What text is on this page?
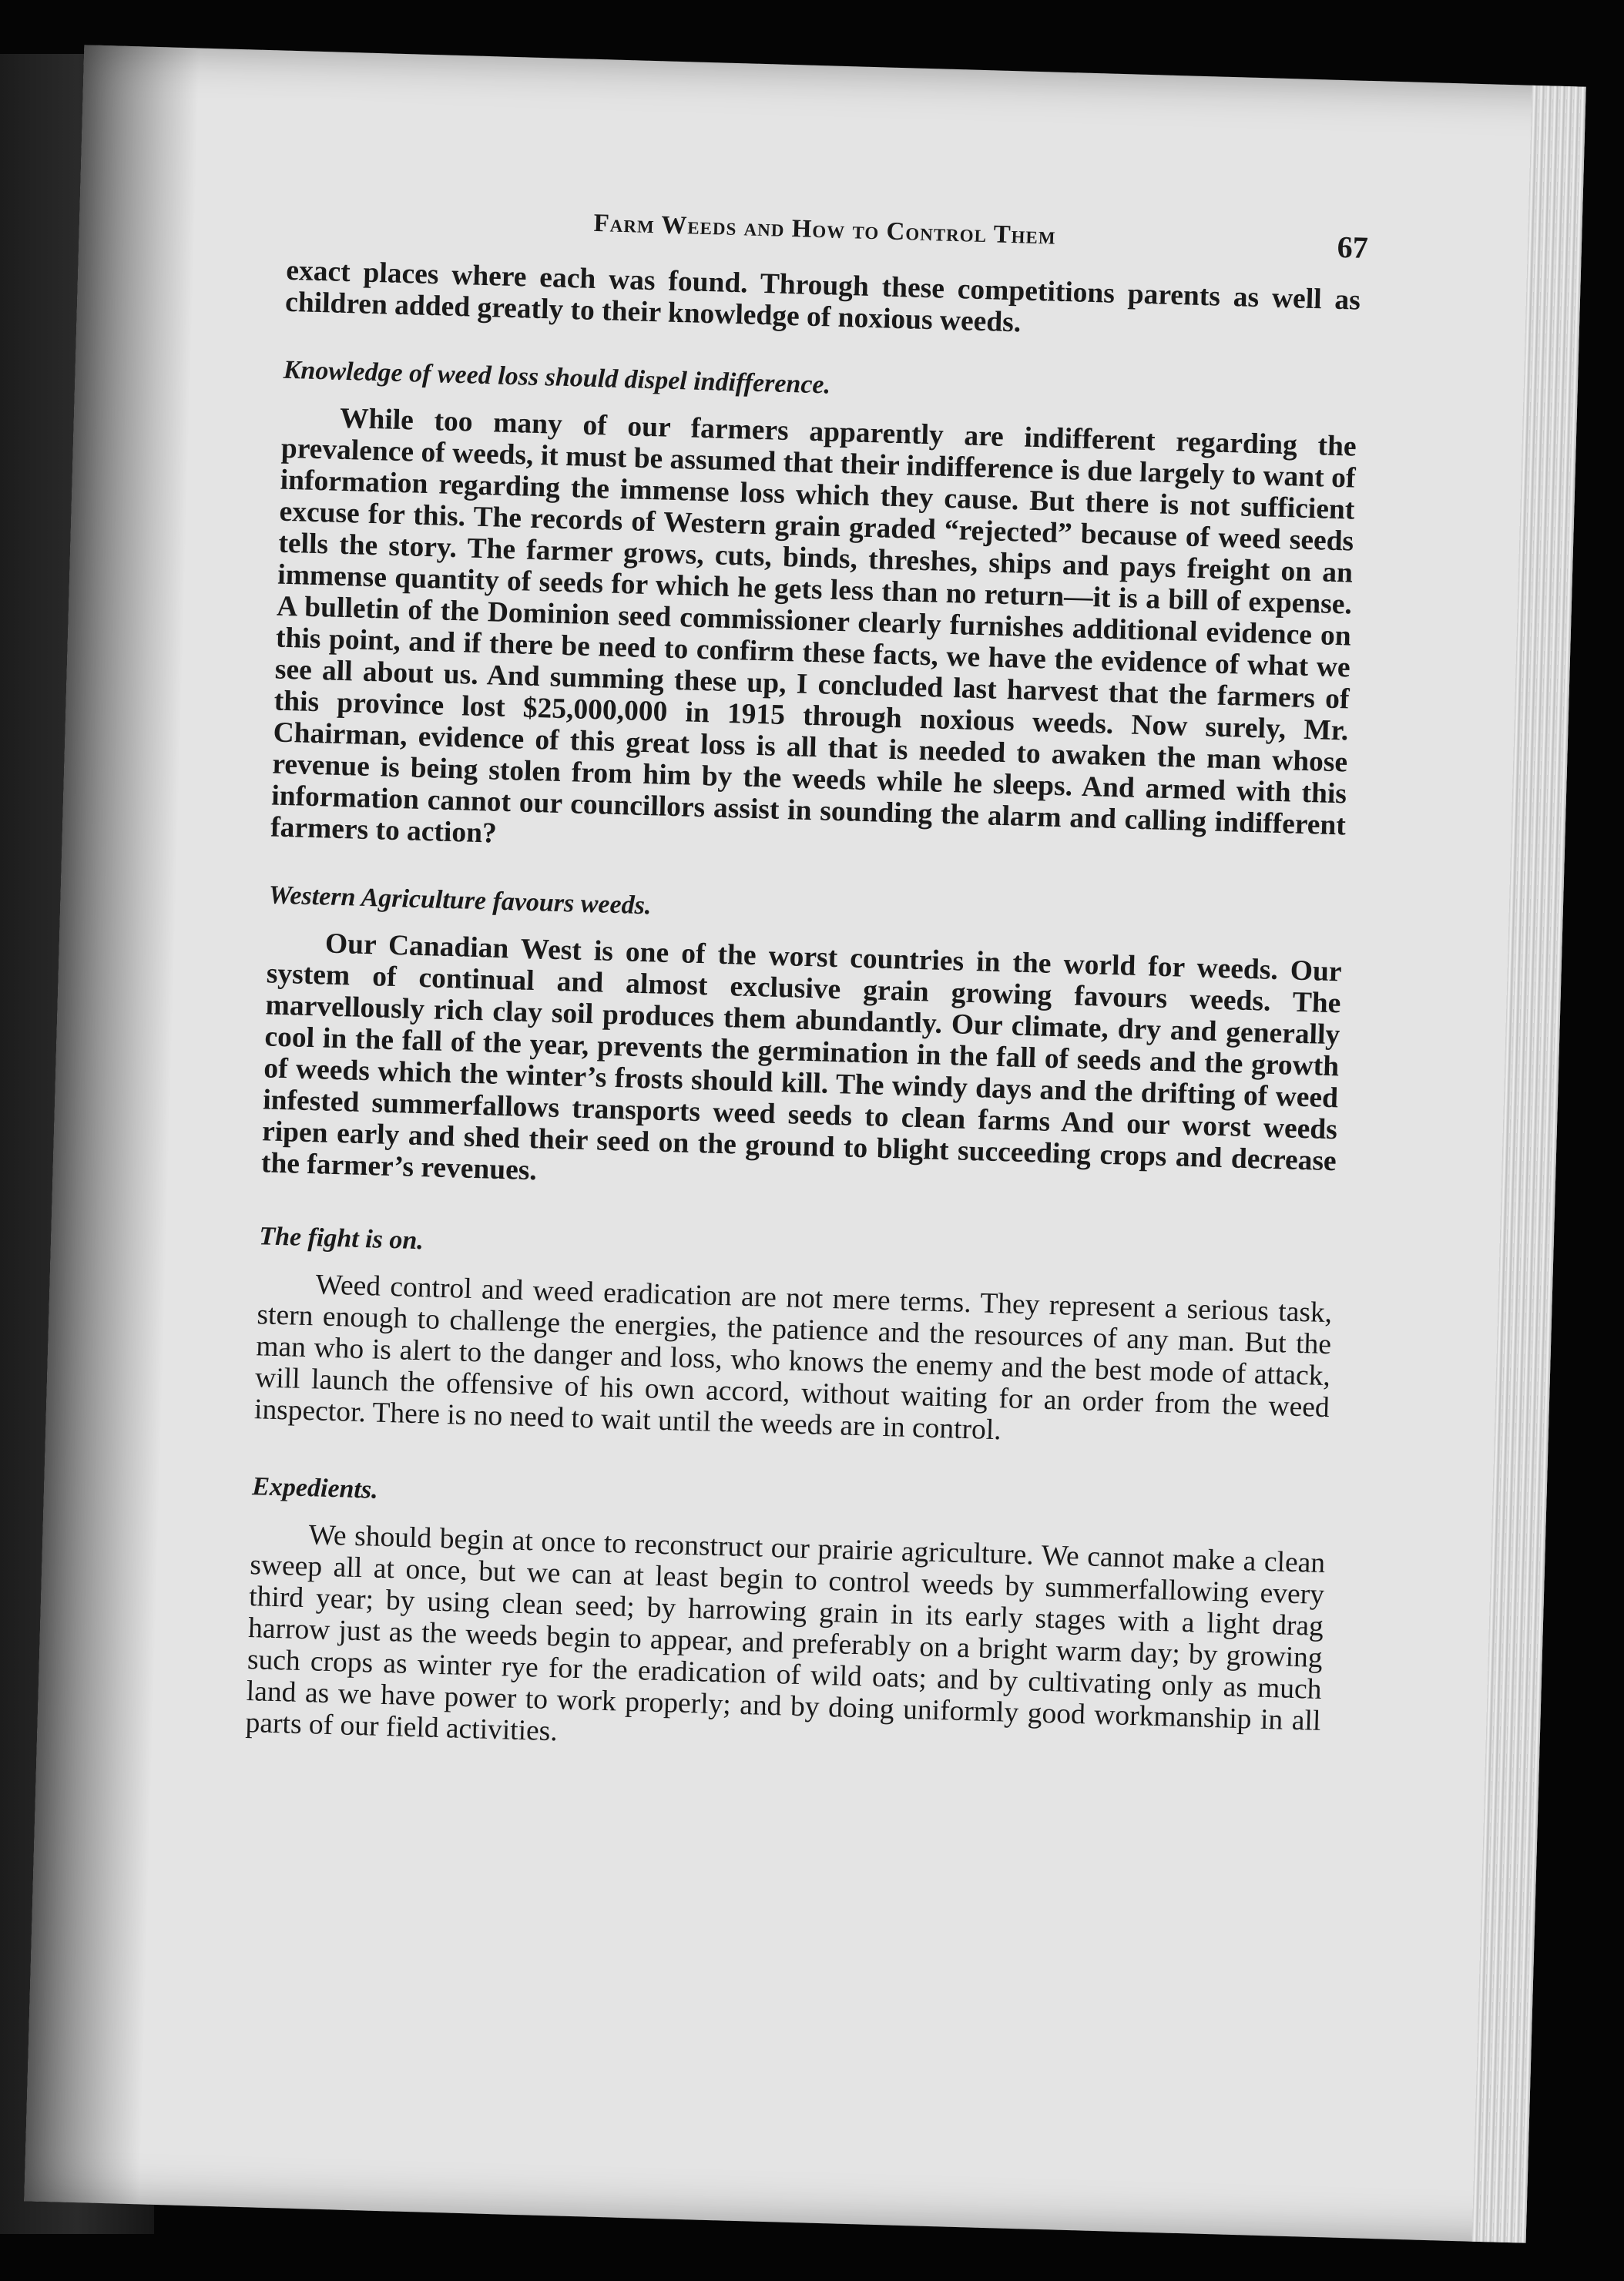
Farm Weeds and How to Control Them	67

exact places where each was found. Through these competitions parents as well as children added greatly to their knowledge of noxious weeds.

Knowledge of weed loss should dispel indifference.

While too many of our farmers apparently are indifferent regarding the prevalence of weeds, it must be assumed that their indifference is due largely to want of information regarding the immense loss which they cause. But there is not sufficient excuse for this. The records of Western grain graded “rejected” because of weed seeds tells the story. The farmer grows, cuts, binds, threshes, ships and pays freight on an immense quantity of seeds for which he gets less than no return—it is a bill of expense. A bulletin of the Dominion seed commissioner clearly furnishes additional evidence on this point, and if there be need to confirm these facts, we have the evidence of what we see all about us. And summing these up, I concluded last harvest that the farmers of this province lost $25,000,000 in 1915 through noxious weeds. Now surely, Mr. Chairman, evidence of this great loss is all that is needed to awaken the man whose revenue is being stolen from him by the weeds while he sleeps. And armed with this information cannot our councillors assist in sounding the alarm and calling indifferent farmers to action?

Western Agriculture favours weeds.

Our Canadian West is one of the worst countries in the world for weeds. Our system of continual and almost exclusive grain growing favours weeds. The marvellously rich clay soil produces them abundantly. Our climate, dry and generally cool in the fall of the year, prevents the germination in the fall of seeds and the growth of weeds which the winter’s frosts should kill. The windy days and the drifting of weed infested summerfallows transports weed seeds to clean farms And our worst weeds ripen early and shed their seed on the ground to blight succeeding crops and decrease the farmer’s revenues.

The fight is on.

Weed control and weed eradication are not mere terms. They represent a serious task, stern enough to challenge the energies, the patience and the resources of any man. But the man who is alert to the danger and loss, who knows the enemy and the best mode of attack, will launch the offensive of his own accord, without waiting for an order from the weed inspector. There is no need to wait until the weeds are in control.

Expedients.

We should begin at once to reconstruct our prairie agriculture. We cannot make a clean sweep all at once, but we can at least begin to control weeds by summerfallowing every third year; by using clean seed; by harrowing grain in its early stages with a light drag harrow just as the weeds begin to appear, and preferably on a bright warm day; by growing such crops as winter rye for the eradication of wild oats; and by cultivating only as much land as we have power to work properly; and by doing uniformly good workmanship in all parts of our field activities.
